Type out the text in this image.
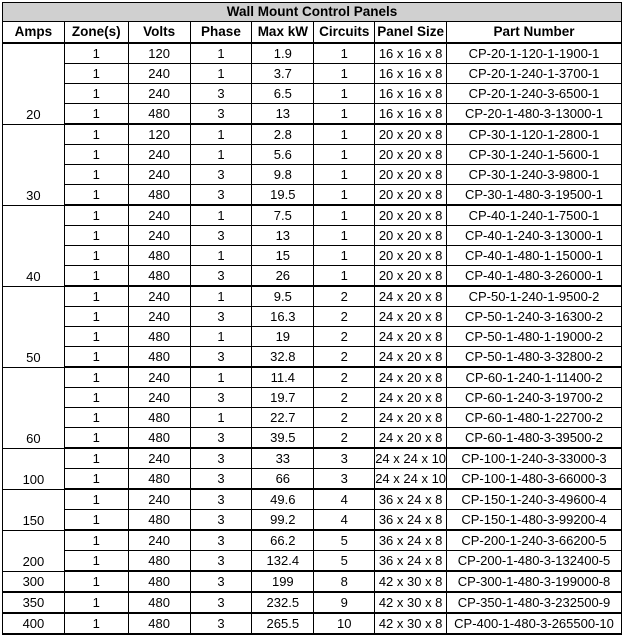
Wall Mount Control Panels							
Amps	Zone(s)	Volts	Phase	Max kW	Circuits	Panel Size	Part Number
20	1	120	1	1.9	1	16 x 16 x 8	CP-20-1-120-1-1900-1
	1	240	1	3.7	1	16 x 16 x 8	CP-20-1-240-1-3700-1
	1	240	3	6.5	1	16 x 16 x 8	CP-20-1-240-3-6500-1
	1	480	3	13	1	16 x 16 x 8	CP-20-1-480-3-13000-1
30	1	120	1	2.8	1	20 x 20 x 8	CP-30-1-120-1-2800-1
	1	240	1	5.6	1	20 x 20 x 8	CP-30-1-240-1-5600-1
	1	240	3	9.8	1	20 x 20 x 8	CP-30-1-240-3-9800-1
	1	480	3	19.5	1	20 x 20 x 8	CP-30-1-480-3-19500-1
40	1	240	1	7.5	1	20 x 20 x 8	CP-40-1-240-1-7500-1
	1	240	3	13	1	20 x 20 x 8	CP-40-1-240-3-13000-1
	1	480	1	15	1	20 x 20 x 8	CP-40-1-480-1-15000-1
	1	480	3	26	1	20 x 20 x 8	CP-40-1-480-3-26000-1
50	1	240	1	9.5	2	24 x 20 x 8	CP-50-1-240-1-9500-2
	1	240	3	16.3	2	24 x 20 x 8	CP-50-1-240-3-16300-2
	1	480	1	19	2	24 x 20 x 8	CP-50-1-480-1-19000-2
	1	480	3	32.8	2	24 x 20 x 8	CP-50-1-480-3-32800-2
60	1	240	1	11.4	2	24 x 20 x 8	CP-60-1-240-1-11400-2
	1	240	3	19.7	2	24 x 20 x 8	CP-60-1-240-3-19700-2
	1	480	1	22.7	2	24 x 20 x 8	CP-60-1-480-1-22700-2
	1	480	3	39.5	2	24 x 20 x 8	CP-60-1-480-3-39500-2
100	1	240	3	33	3	24 x 24 x 10	CP-100-1-240-3-33000-3
	1	480	3	66	3	24 x 24 x 10	CP-100-1-480-3-66000-3
150	1	240	3	49.6	4	36 x 24 x 8	CP-150-1-240-3-49600-4
	1	480	3	99.2	4	36 x 24 x 8	CP-150-1-480-3-99200-4
200	1	240	3	66.2	5	36 x 24 x 8	CP-200-1-240-3-66200-5
	1	480	3	132.4	5	36 x 24 x 8	CP-200-1-480-3-132400-5
300	1	480	3	199	8	42 x 30 x 8	CP-300-1-480-3-199000-8
350	1	480	3	232.5	9	42 x 30 x 8	CP-350-1-480-3-232500-9
400	1	480	3	265.5	10	42 x 30 x 8	CP-400-1-480-3-265500-10
